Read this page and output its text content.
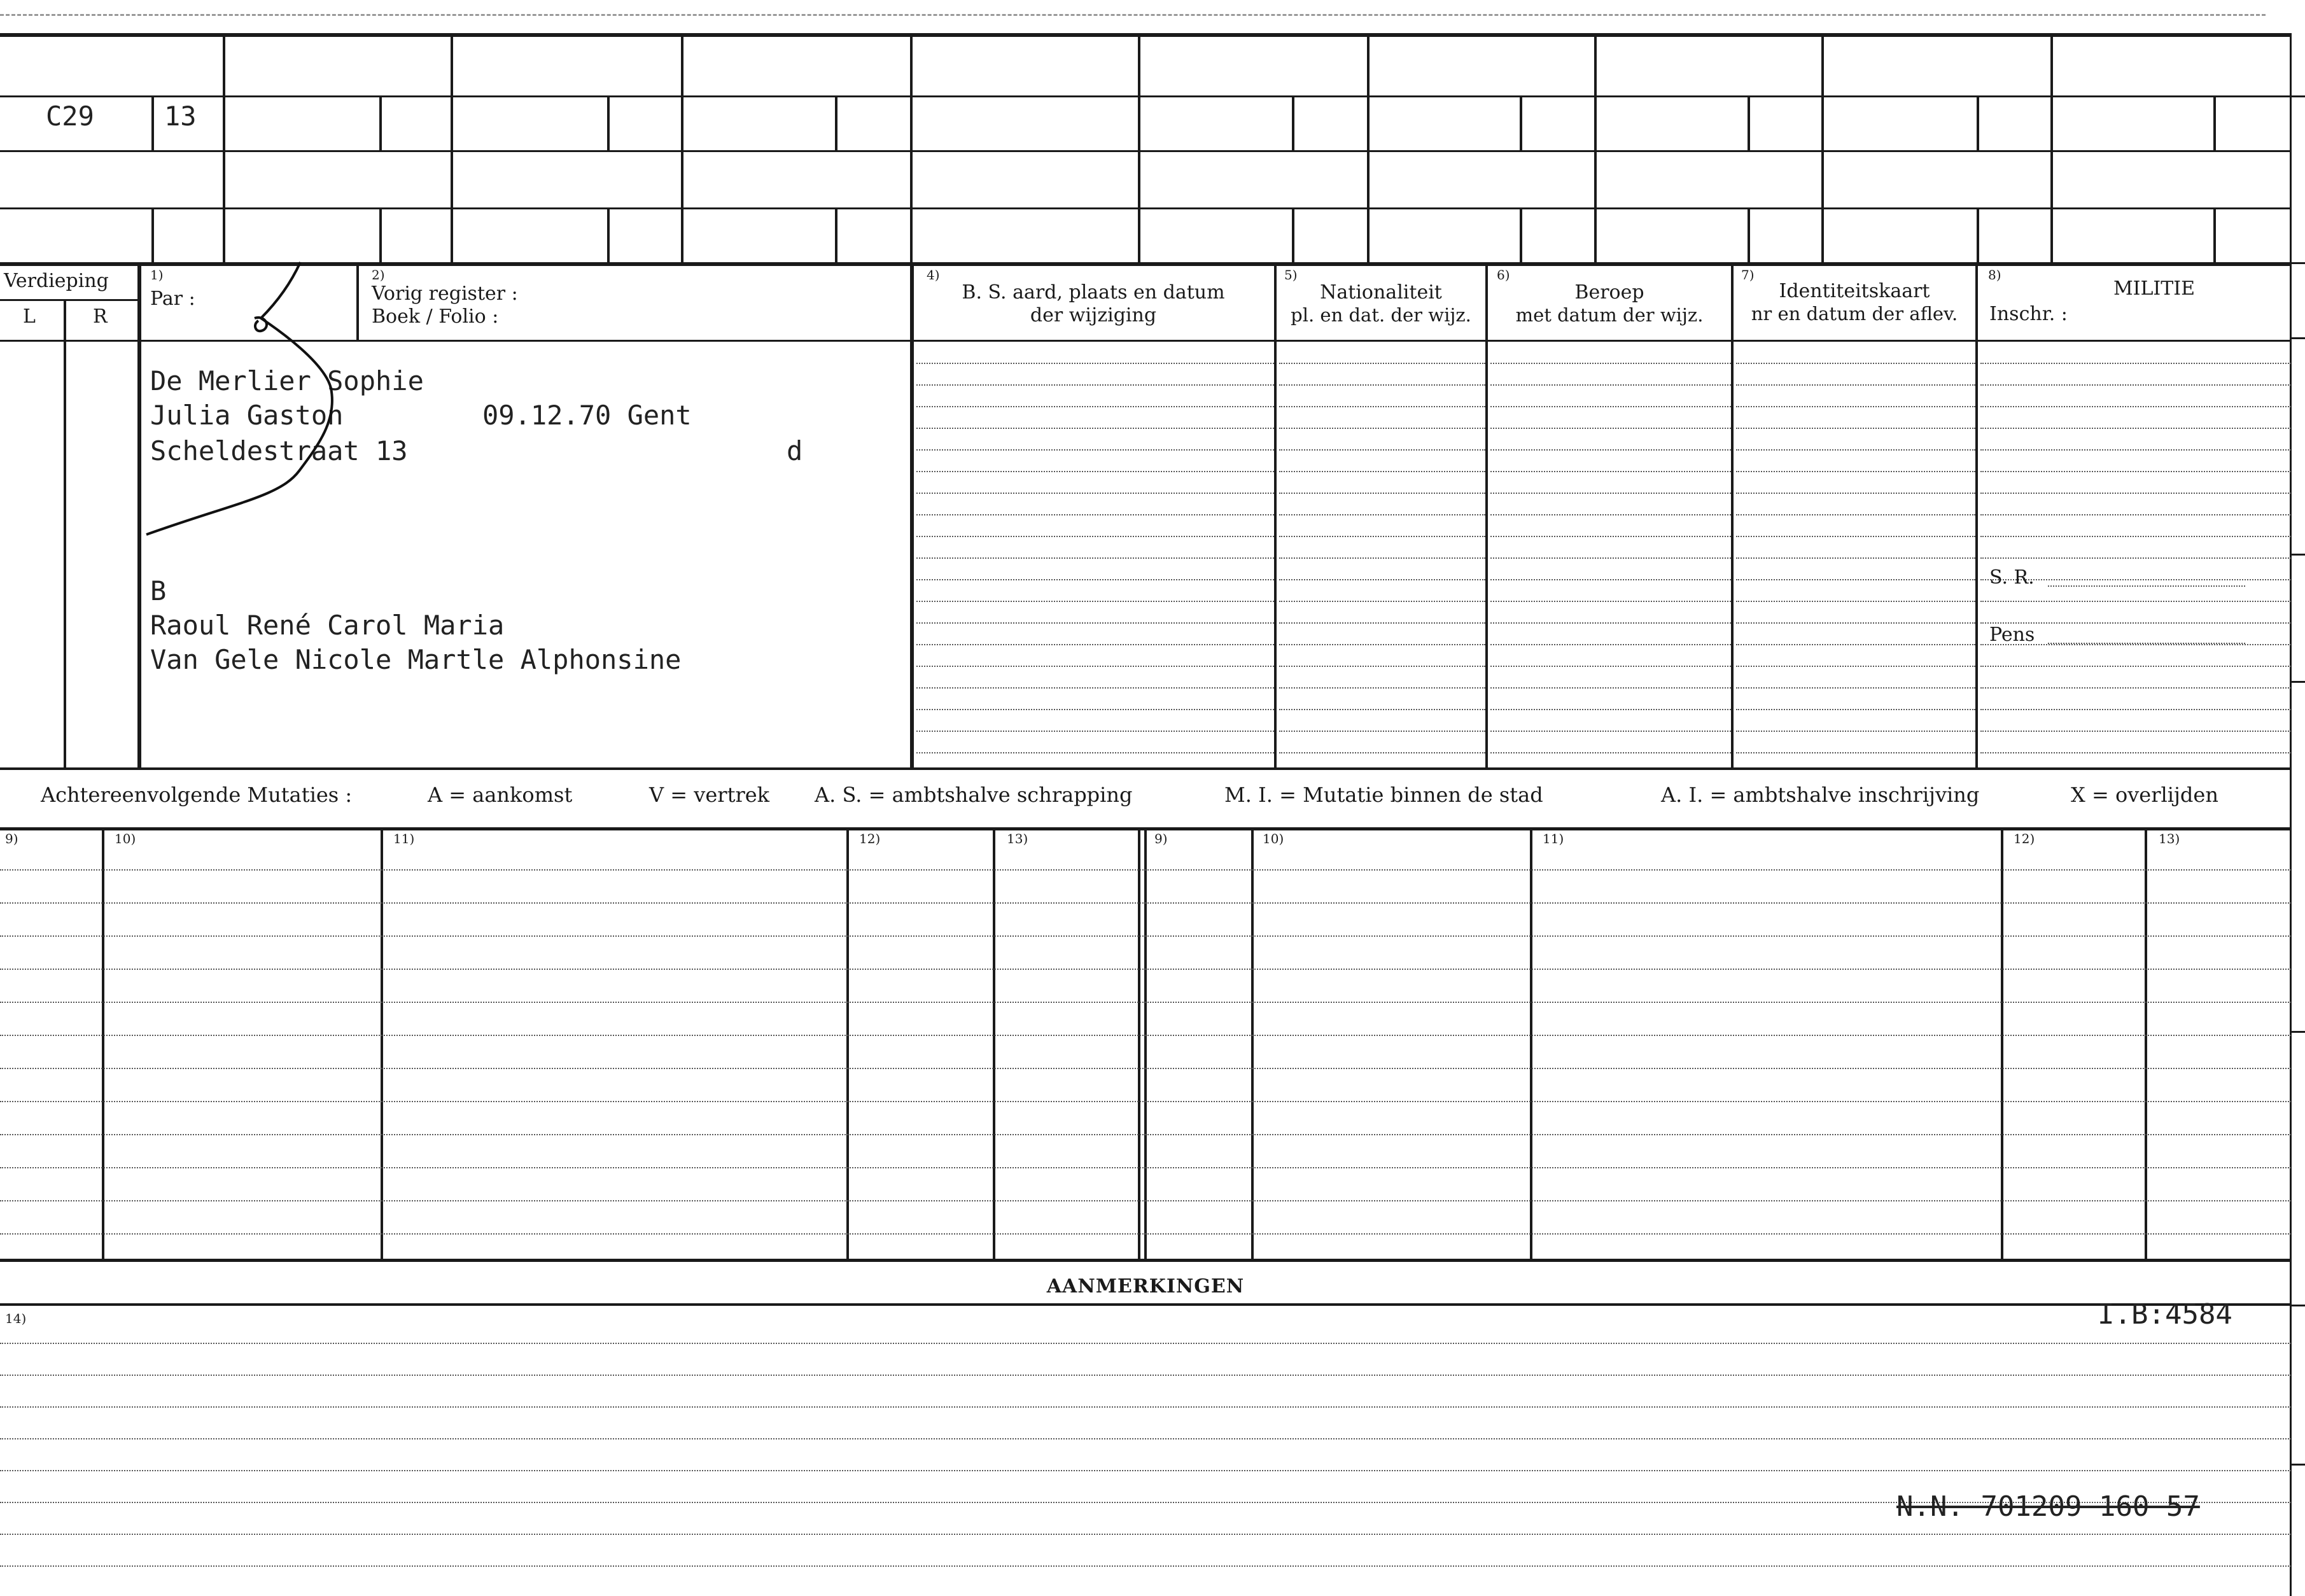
C29	13
Verdieping
L	R
1)
Par :
2)
Vorig register :
Boek / Folio :
4)
B. S. aard, plaats en datum
der wijziging
5)
Nationaliteit
pl. en dat. der wijz.
6)
Beroep
met datum der wijz.
7)
Identiteitskaart
nr en datum der aflev.
8)
MILITIE
Inschr. :
S. R.
Pens
De Merlier Sophie
Julia Gaston	09.12.70 Gent
Scheldestraat 13	d
B
Raoul René Carol Maria
Van Gele Nicole Martle Alphonsine
Achtereenvolgende Mutaties :	A = aankomst	V = vertrek A. S. = ambtshalve schrapping	M. I. = Mutatie binnen de stad	A. I. = ambtshalve inschrijving	X = overlijden
9)	10)	11)	12)	13)	9)	10)	11)	12)	13)
AANMERKINGEN
14)	I.B:4584
N.N. 701209 160 57
